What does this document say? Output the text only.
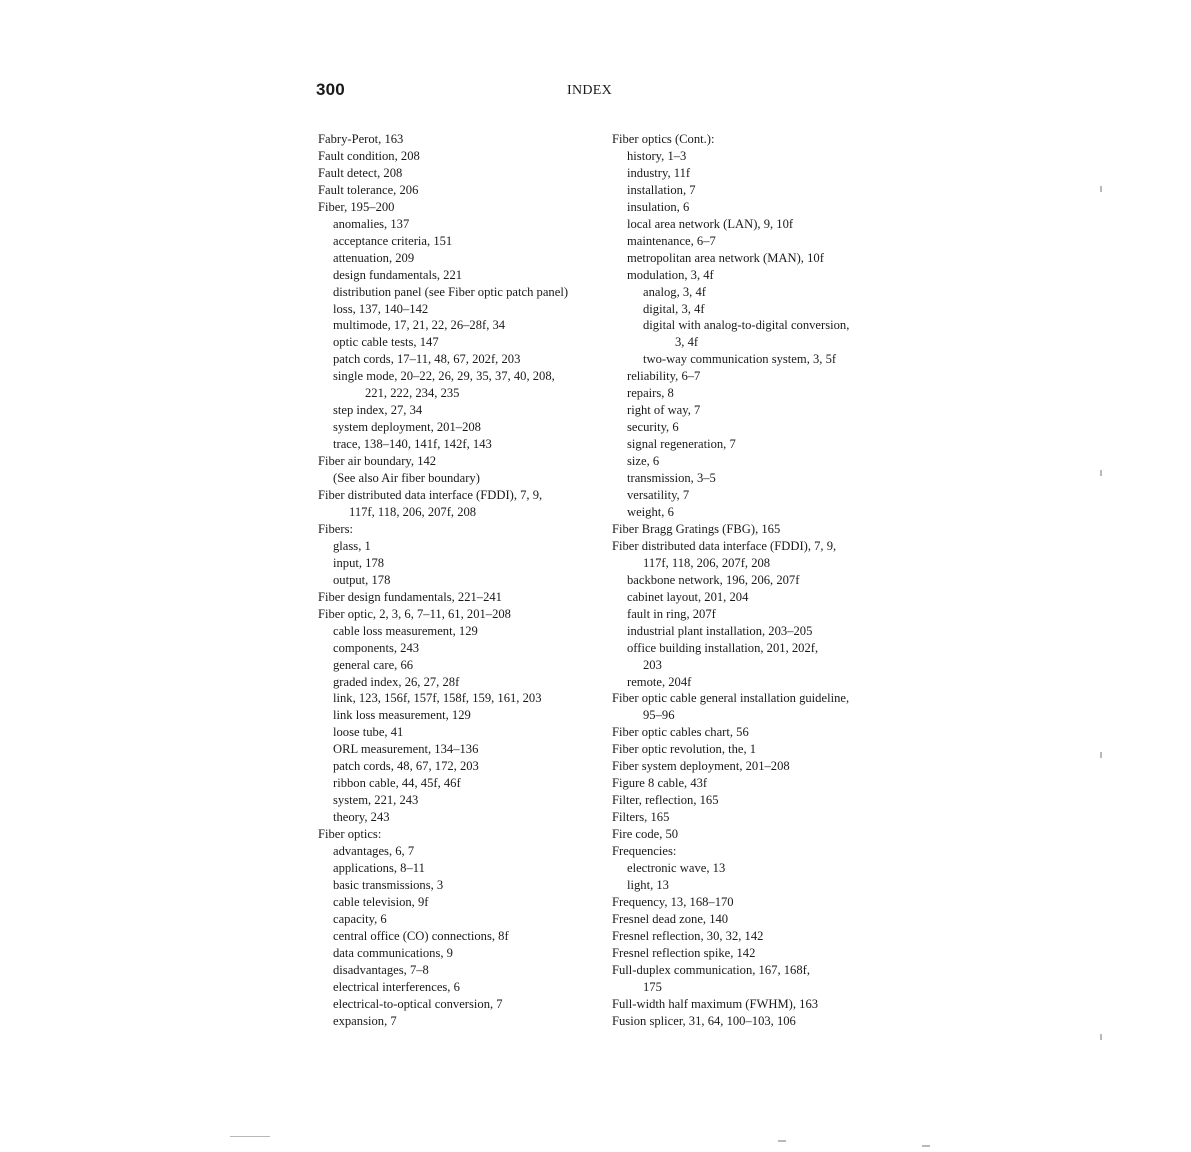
300	INDEX
Fabry-Perot, 163
Fault condition, 208
Fault detect, 208
Fault tolerance, 206
Fiber, 195–200
anomalies, 137
acceptance criteria, 151
attenuation, 209
design fundamentals, 221
distribution panel (see Fiber optic patch panel)
loss, 137, 140–142
multimode, 17, 21, 22, 26–28f, 34
optic cable tests, 147
patch cords, 17–11, 48, 67, 202f, 203
single mode, 20–22, 26, 29, 35, 37, 40, 208,
221, 222, 234, 235
step index, 27, 34
system deployment, 201–208
trace, 138–140, 141f, 142f, 143
Fiber air boundary, 142
(See also Air fiber boundary)
Fiber distributed data interface (FDDI), 7, 9,
117f, 118, 206, 207f, 208
Fibers:
glass, 1
input, 178
output, 178
Fiber design fundamentals, 221–241
Fiber optic, 2, 3, 6, 7–11, 61, 201–208
cable loss measurement, 129
components, 243
general care, 66
graded index, 26, 27, 28f
link, 123, 156f, 157f, 158f, 159, 161, 203
link loss measurement, 129
loose tube, 41
ORL measurement, 134–136
patch cords, 48, 67, 172, 203
ribbon cable, 44, 45f, 46f
system, 221, 243
theory, 243
Fiber optics:
advantages, 6, 7
applications, 8–11
basic transmissions, 3
cable television, 9f
capacity, 6
central office (CO) connections, 8f
data communications, 9
disadvantages, 7–8
electrical interferences, 6
electrical-to-optical conversion, 7
expansion, 7
Fiber optics (Cont.):
history, 1–3
industry, 11f
installation, 7
insulation, 6
local area network (LAN), 9, 10f
maintenance, 6–7
metropolitan area network (MAN), 10f
modulation, 3, 4f
analog, 3, 4f
digital, 3, 4f
digital with analog-to-digital conversion,
3, 4f
two-way communication system, 3, 5f
reliability, 6–7
repairs, 8
right of way, 7
security, 6
signal regeneration, 7
size, 6
transmission, 3–5
versatility, 7
weight, 6
Fiber Bragg Gratings (FBG), 165
Fiber distributed data interface (FDDI), 7, 9,
117f, 118, 206, 207f, 208
backbone network, 196, 206, 207f
cabinet layout, 201, 204
fault in ring, 207f
industrial plant installation, 203–205
office building installation, 201, 202f,
203
remote, 204f
Fiber optic cable general installation guideline,
95–96
Fiber optic cables chart, 56
Fiber optic revolution, the, 1
Fiber system deployment, 201–208
Figure 8 cable, 43f
Filter, reflection, 165
Filters, 165
Fire code, 50
Frequencies:
electronic wave, 13
light, 13
Frequency, 13, 168–170
Fresnel dead zone, 140
Fresnel reflection, 30, 32, 142
Fresnel reflection spike, 142
Full-duplex communication, 167, 168f,
175
Full-width half maximum (FWHM), 163
Fusion splicer, 31, 64, 100–103, 106
